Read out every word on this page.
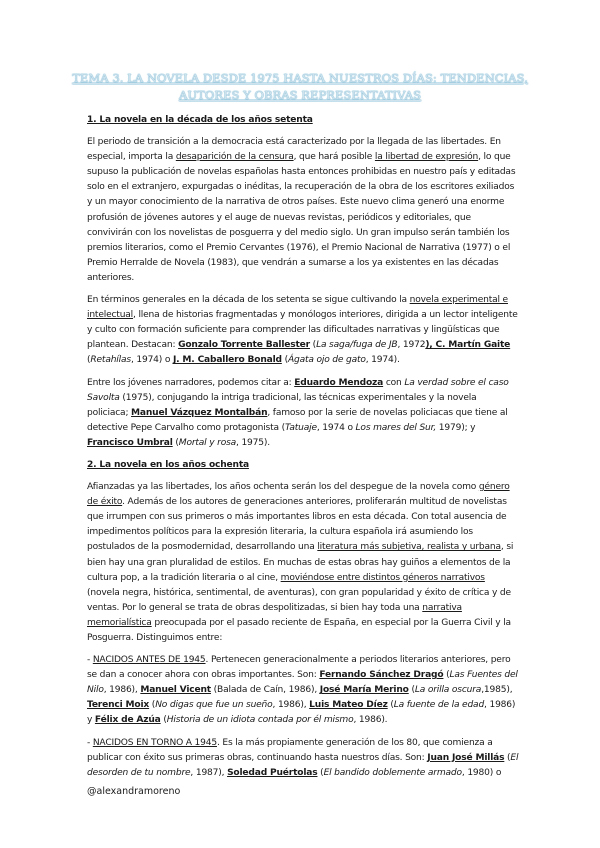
TEMA 3. LA NOVELA DESDE 1975 HASTA NUESTROS DÍAS: TENDENCIAS,
AUTORES Y OBRAS REPRESENTATIVAS
1. La novela en la década de los años setenta

El periodo de transición a la democracia está caracterizado por la llegada de las libertades. En especial, importa la desaparición de la censura, que hará posible la libertad de expresión, lo que supuso la publicación de novelas españolas hasta entonces prohibidas en nuestro país y editadas solo en el extranjero, expurgadas o inéditas, la recuperación de la obra de los escritores exiliados y un mayor conocimiento de la narrativa de otros países. Este nuevo clima generó una enorme profusión de jóvenes autores y el auge de nuevas revistas, periódicos y editoriales, que convivirán con los novelistas de posguerra y del medio siglo. Un gran impulso serán también los premios literarios, como el Premio Cervantes (1976), el Premio Nacional de Narrativa (1977) o el Premio Herralde de Novela (1983), que vendrán a sumarse a los ya existentes en las décadas anteriores.

En términos generales en la década de los setenta se sigue cultivando la novela experimental e intelectual, llena de historias fragmentadas y monólogos interiores, dirigida a un lector inteligente y culto con formación suficiente para comprender las dificultades narrativas y lingüísticas que plantean. Destacan: Gonzalo Torrente Ballester (La saga/fuga de JB, 1972), C. Martín Gaite (Retahílas, 1974) o J. M. Caballero Bonald (Ágata ojo de gato, 1974).

Entre los jóvenes narradores, podemos citar a: Eduardo Mendoza con La verdad sobre el caso Savolta (1975), conjugando la intriga tradicional, las técnicas experimentales y la novela policiaca; Manuel Vázquez Montalbán, famoso por la serie de novelas policiacas que tiene al detective Pepe Carvalho como protagonista (Tatuaje, 1974 o Los mares del Sur, 1979); y Francisco Umbral (Mortal y rosa, 1975).

2. La novela en los años ochenta

Afianzadas ya las libertades, los años ochenta serán los del despegue de la novela como género de éxito. Además de los autores de generaciones anteriores, proliferarán multitud de novelistas que irrumpen con sus primeros o más importantes libros en esta década. Con total ausencia de impedimentos políticos para la expresión literaria, la cultura española irá asumiendo los postulados de la posmodernidad, desarrollando una literatura más subjetiva, realista y urbana, si bien hay una gran pluralidad de estilos. En muchas de estas obras hay guiños a elementos de la cultura pop, a la tradición literaria o al cine, moviéndose entre distintos géneros narrativos (novela negra, histórica, sentimental, de aventuras), con gran popularidad y éxito de crítica y de ventas. Por lo general se trata de obras despolitizadas, si bien hay toda una narrativa memorialística preocupada por el pasado reciente de España, en especial por la Guerra Civil y la Posguerra. Distinguimos entre:

- NACIDOS ANTES DE 1945. Pertenecen generacionalmente a periodos literarios anteriores, pero se dan a conocer ahora con obras importantes. Son: Fernando Sánchez Dragó (Las Fuentes del Nilo, 1986), Manuel Vicent (Balada de Caín, 1986), José María Merino (La orilla oscura,1985), Terenci Moix (No digas que fue un sueño, 1986), Luis Mateo Díez (La fuente de la edad, 1986) y Félix de Azúa (Historia de un idiota contada por él mismo, 1986).

- NACIDOS EN TORNO A 1945. Es la más propiamente generación de los 80, que comienza a publicar con éxito sus primeras obras, continuando hasta nuestros días. Son: Juan José Millás (El desorden de tu nombre, 1987), Soledad Puértolas (El bandido doblemente armado, 1980) o

@alexandramoreno
